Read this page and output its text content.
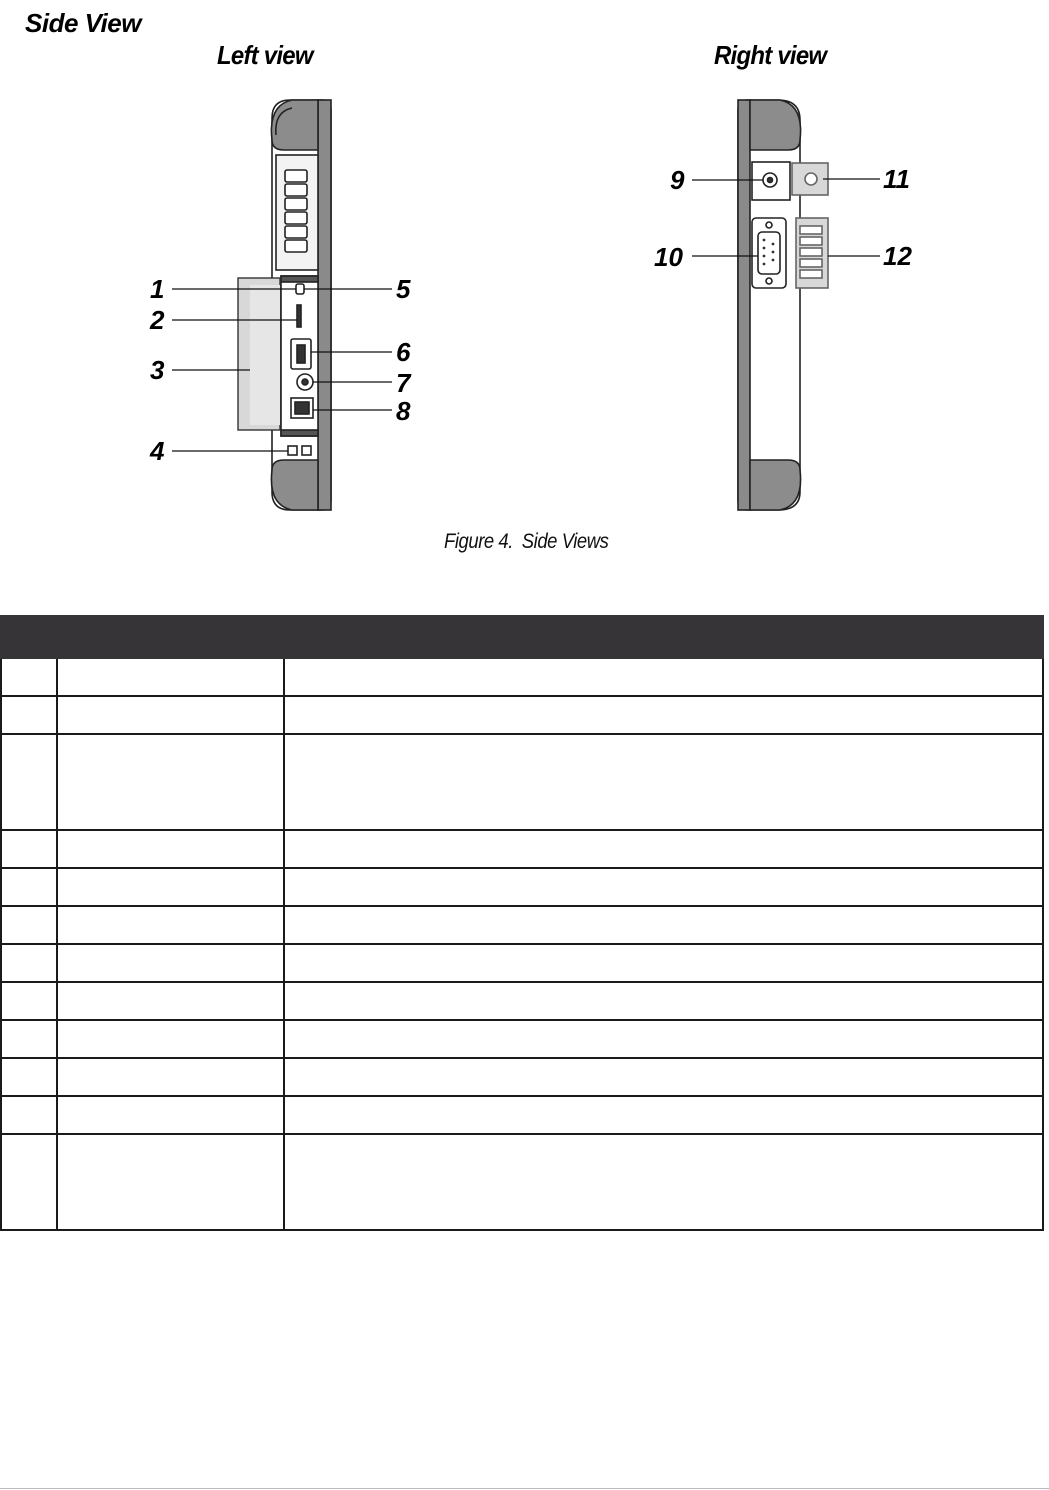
Side View
Left view	Right view
1
2
3
4
5
6
7
8
9
10
11
12
Figure 4. Side Views
